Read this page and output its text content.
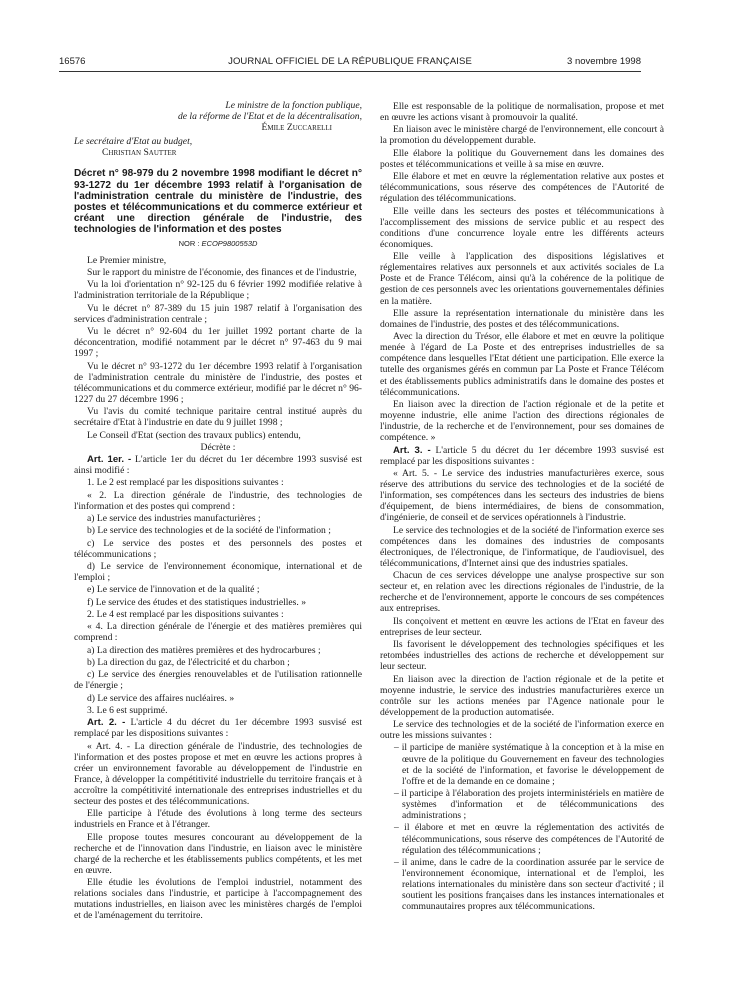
16576	JOURNAL OFFICIEL DE LA RÉPUBLIQUE FRANÇAISE	3 novembre 1998

Le ministre de la fonction publique,

de la réforme de l'Etat et de la décentralisation,

Émile Zuccarelli

Le secrétaire d'Etat au budget,

Christian Sautter

Décret n° 98-979 du 2 novembre 1998 modifiant le décret n° 93-1272 du 1er décembre 1993 relatif à l'organisation de l'administration centrale du ministère de l'industrie, des postes et télécommunications et du commerce extérieur et créant une direction générale de l'industrie, des technologies de l'information et des postes

NOR : ECOP9800553D

Le Premier ministre,

Sur le rapport du ministre de l'économie, des finances et de l'industrie,

Vu la loi d'orientation n° 92-125 du 6 février 1992 modifiée relative à l'administration territoriale de la République ;

Vu le décret n° 87-389 du 15 juin 1987 relatif à l'organisation des services d'administration centrale ;

Vu le décret n° 92-604 du 1er juillet 1992 portant charte de la déconcentration, modifié notamment par le décret n° 97-463 du 9 mai 1997 ;

Vu le décret n° 93-1272 du 1er décembre 1993 relatif à l'organisation de l'administration centrale du ministère de l'industrie, des postes et télécommunications et du commerce extérieur, modifié par le décret n° 96-1227 du 27 décembre 1996 ;

Vu l'avis du comité technique paritaire central institué auprès du secrétaire d'Etat à l'industrie en date du 9 juillet 1998 ;

Le Conseil d'Etat (section des travaux publics) entendu,

Décrète :

Art. 1er. - L'article 1er du décret du 1er décembre 1993 susvisé est ainsi modifié :

1. Le 2 est remplacé par les dispositions suivantes :

« 2. La direction générale de l'industrie, des technologies de l'information et des postes qui comprend :

a) Le service des industries manufacturières ;

b) Le service des technologies et de la société de l'information ;

c) Le service des postes et des personnels des postes et télécommunications ;

d) Le service de l'environnement économique, international et de l'emploi ;

e) Le service de l'innovation et de la qualité ;

f) Le service des études et des statistiques industrielles. »

2. Le 4 est remplacé par les dispositions suivantes :

« 4. La direction générale de l'énergie et des matières premières qui comprend :

a) La direction des matières premières et des hydrocarbures ;

b) La direction du gaz, de l'électricité et du charbon ;

c) Le service des énergies renouvelables et de l'utilisation rationnelle de l'énergie ;

d) Le service des affaires nucléaires. »

3. Le 6 est supprimé.

Art. 2. - L'article 4 du décret du 1er décembre 1993 susvisé est remplacé par les dispositions suivantes :

« Art. 4. - La direction générale de l'industrie, des technologies de l'information et des postes propose et met en œuvre les actions propres à créer un environnement favorable au développement de l'industrie en France, à développer la compétitivité industrielle du territoire français et à accroître la compétitivité internationale des entreprises industrielles et du secteur des postes et des télécommunications.

Elle participe à l'étude des évolutions à long terme des secteurs industriels en France et à l'étranger.

Elle propose toutes mesures concourant au développement de la recherche et de l'innovation dans l'industrie, en liaison avec le ministère chargé de la recherche et les établissements publics compétents, et les met en œuvre.

Elle étudie les évolutions de l'emploi industriel, notamment des relations sociales dans l'industrie, et participe à l'accompagnement des mutations industrielles, en liaison avec les ministères chargés de l'emploi et de l'aménagement du territoire.

Elle est responsable de la politique de normalisation, propose et met en œuvre les actions visant à promouvoir la qualité.

En liaison avec le ministère chargé de l'environnement, elle concourt à la promotion du développement durable.

Elle élabore la politique du Gouvernement dans les domaines des postes et télécommunications et veille à sa mise en œuvre.

Elle élabore et met en œuvre la réglementation relative aux postes et télécommunications, sous réserve des compétences de l'Autorité de régulation des télécommunications.

Elle veille dans les secteurs des postes et télécommunications à l'accomplissement des missions de service public et au respect des conditions d'une concurrence loyale entre les différents acteurs économiques.

Elle veille à l'application des dispositions législatives et réglementaires relatives aux personnels et aux activités sociales de La Poste et de France Télécom, ainsi qu'à la cohérence de la politique de gestion de ces personnels avec les orientations gouvernementales définies en la matière.

Elle assure la représentation internationale du ministère dans les domaines de l'industrie, des postes et des télécommunications.

Avec la direction du Trésor, elle élabore et met en œuvre la politique menée à l'égard de La Poste et des entreprises industrielles de sa compétence dans lesquelles l'Etat détient une participation. Elle exerce la tutelle des organismes gérés en commun par La Poste et France Télécom et des établissements publics administratifs dans le domaine des postes et télécommunications.

En liaison avec la direction de l'action régionale et de la petite et moyenne industrie, elle anime l'action des directions régionales de l'industrie, de la recherche et de l'environnement, pour ses domaines de compétence. »

Art. 3. - L'article 5 du décret du 1er décembre 1993 susvisé est remplacé par les dispositions suivantes :

« Art. 5. - Le service des industries manufacturières exerce, sous réserve des attributions du service des technologies et de la société de l'information, ses compétences dans les secteurs des industries de biens d'équipement, de biens intermédiaires, de biens de consommation, d'ingénierie, de conseil et de services opérationnels à l'industrie.

Le service des technologies et de la société de l'information exerce ses compétences dans les domaines des industries de composants électroniques, de l'électronique, de l'informatique, de l'audiovisuel, des télécommunications, d'Internet ainsi que des industries spatiales.

Chacun de ces services développe une analyse prospective sur son secteur et, en relation avec les directions régionales de l'industrie, de la recherche et de l'environnement, apporte le concours de ses compétences aux entreprises.

Ils conçoivent et mettent en œuvre les actions de l'Etat en faveur des entreprises de leur secteur.

Ils favorisent le développement des technologies spécifiques et les retombées industrielles des actions de recherche et développement sur leur secteur.

En liaison avec la direction de l'action régionale et de la petite et moyenne industrie, le service des industries manufacturières exerce un contrôle sur les actions menées par l'Agence nationale pour le développement de la production automatisée.

Le service des technologies et de la société de l'information exerce en outre les missions suivantes :

– il participe de manière systématique à la conception et à la mise en œuvre de la politique du Gouvernement en faveur des technologies et de la société de l'information, et favorise le développement de l'offre et de la demande en ce domaine ;

– il participe à l'élaboration des projets interministériels en matière de systèmes d'information et de télécommunications des administrations ;

– il élabore et met en œuvre la réglementation des activités de télécommunications, sous réserve des compétences de l'Autorité de régulation des télécommunications ;

– il anime, dans le cadre de la coordination assurée par le service de l'environnement économique, international et de l'emploi, les relations internationales du ministère dans son secteur d'activité ; il soutient les positions françaises dans les instances internationales et communautaires propres aux télécommunications.
